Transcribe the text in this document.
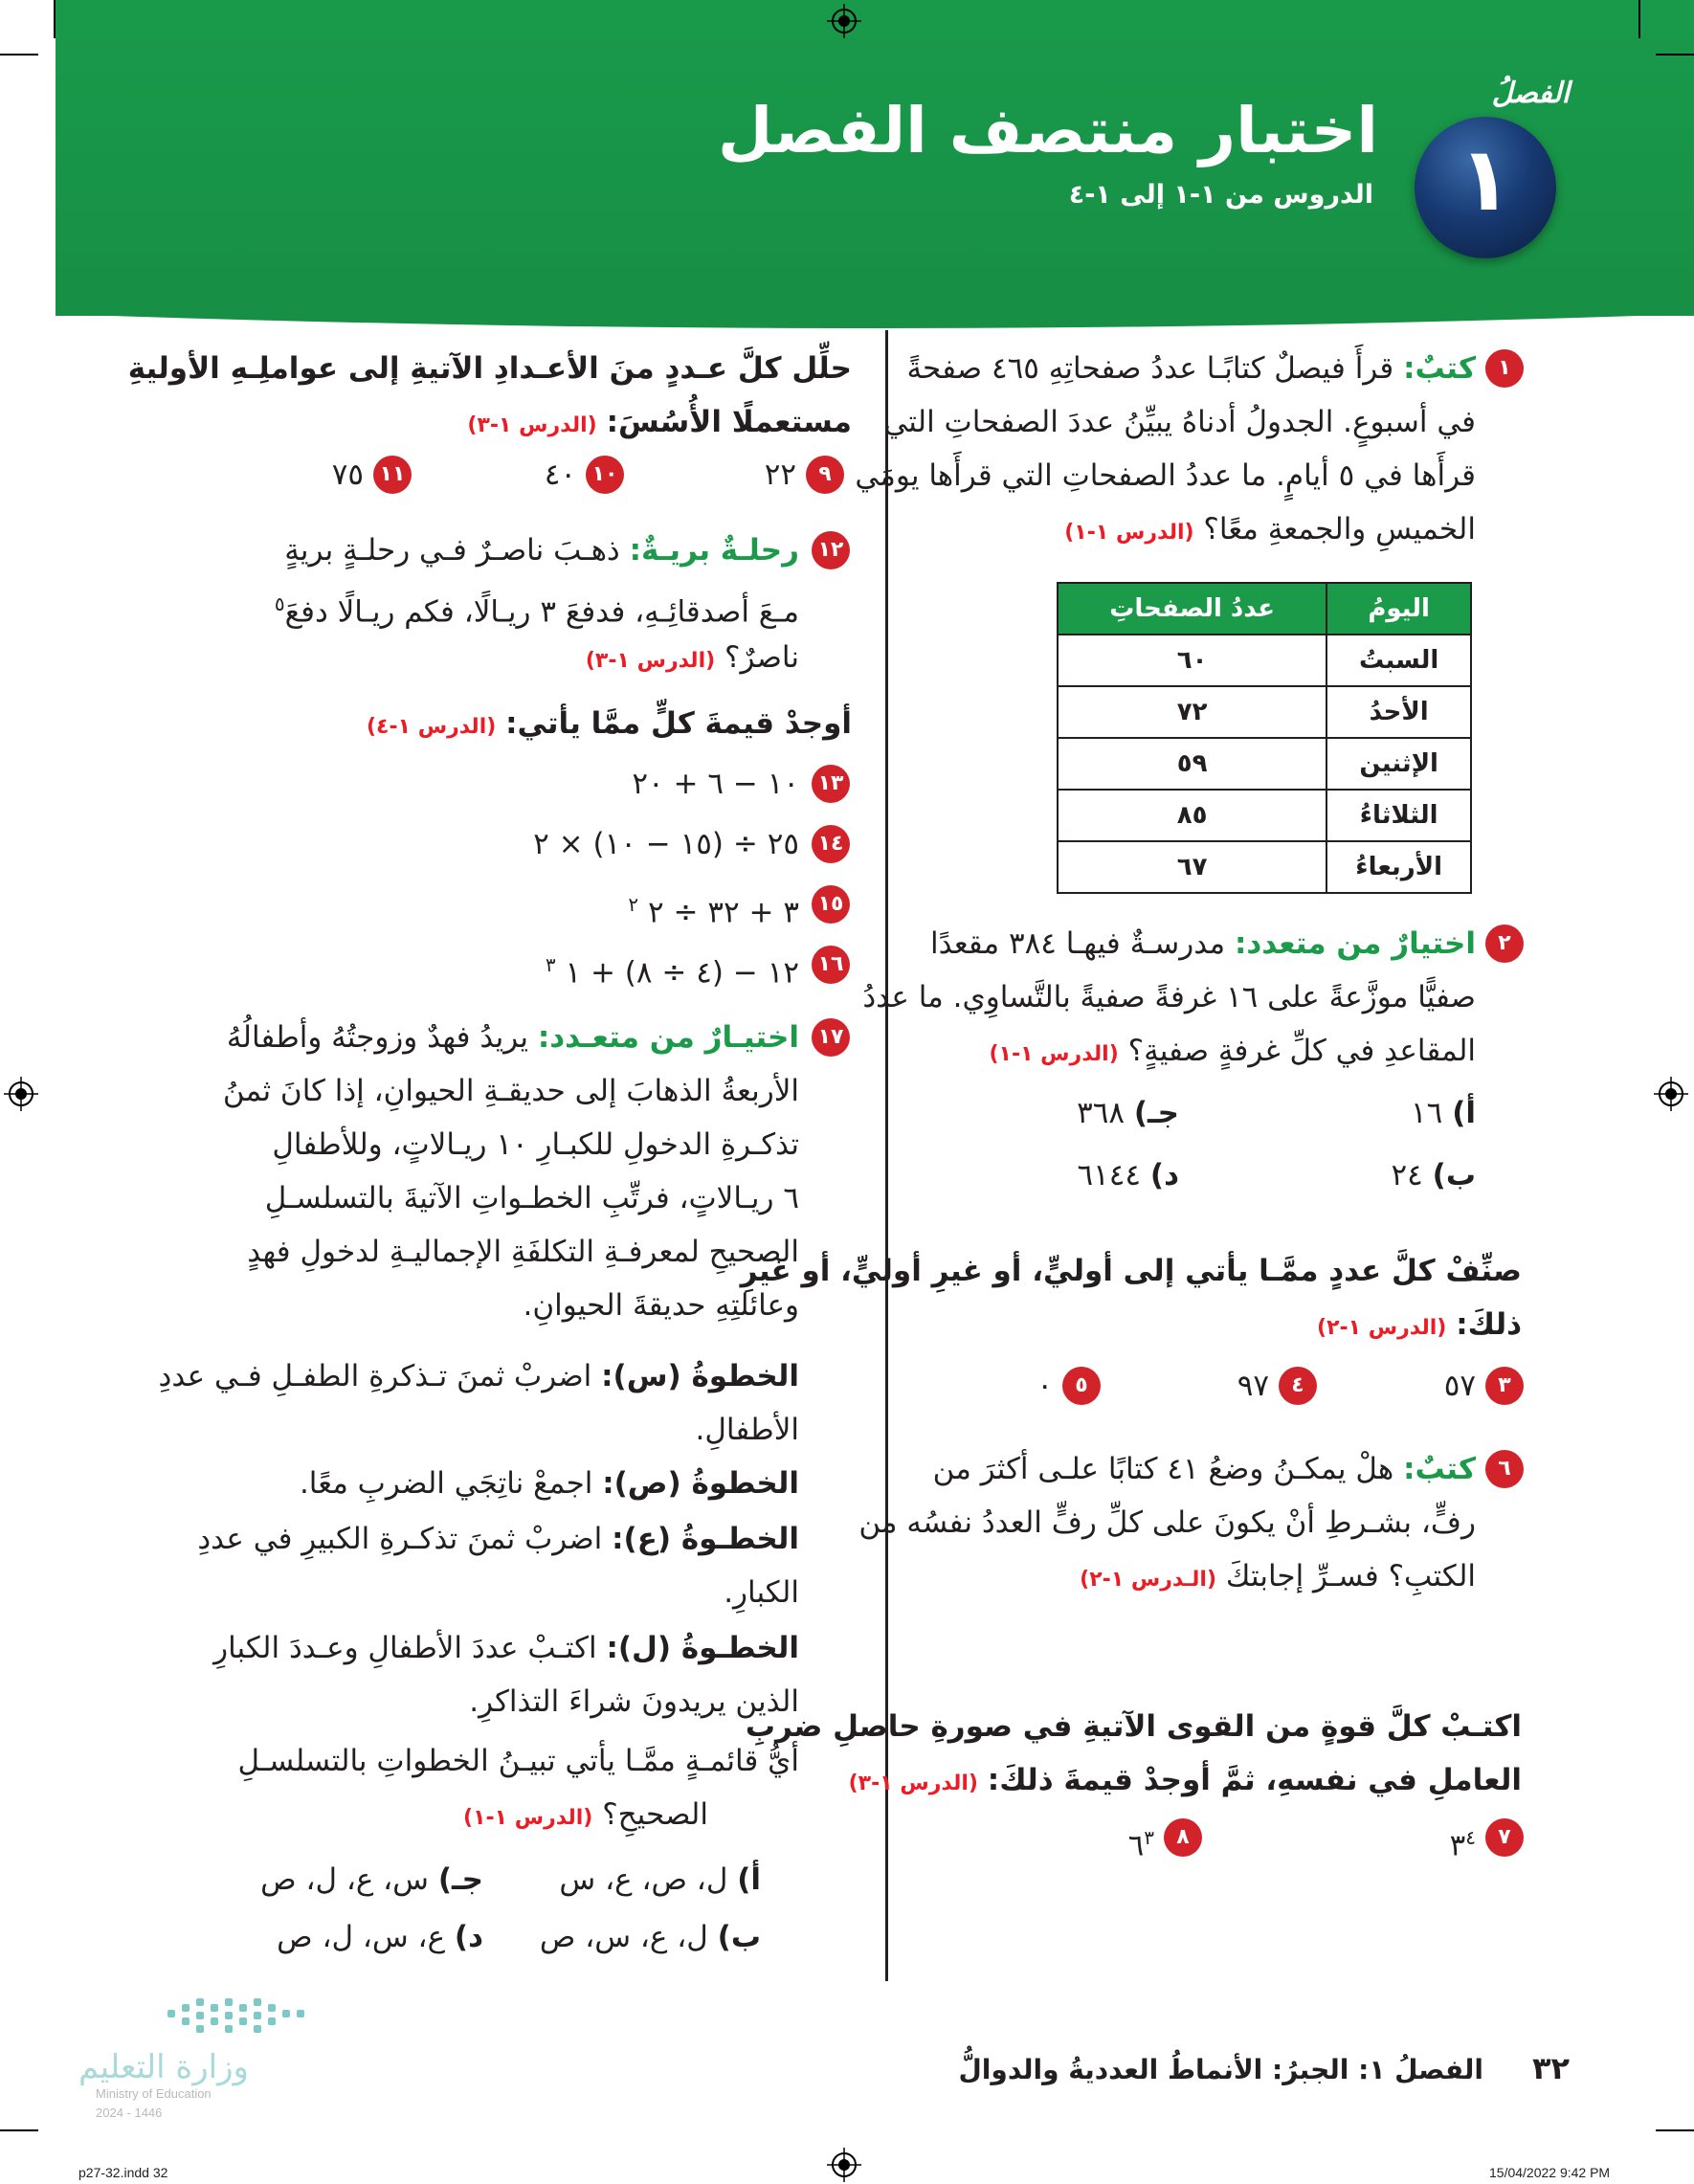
اختبار منتصف الفصل
الدروس من ١-١ إلى ١-٤
الفصلُ
١
١
كتبٌ: قرأَ فيصلٌ كتابًـا عددُ صفحاتِهِ ٤٦٥ صفحةً
في أسبوعٍ. الجدولُ أدناهُ يبيِّنُ عددَ الصفحاتِ التي
قرأَها في ٥ أيامٍ. ما عددُ الصفحاتِ التي قرأَها يومَي
الخميسِ والجمعةِ معًا؟ (الدرس ١-١)
اليومُ	عددُ الصفحاتِ
السبتُ	٦٠
الأحدُ	٧٢
الإثنين	٥٩
الثلاثاءُ	٨٥
الأربعاءُ	٦٧
٢
اختيارٌ من متعدد: مدرسـةٌ فيهـا ٣٨٤ مقعدًا
صفيًّا موزَّعةً على ١٦ غرفةً صفيةً بالتَّساوِي. ما عددُ
المقاعدِ في كلِّ غرفةٍ صفيةٍ؟ (الدرس ١-١)
أ) ١٦
ب) ٢٤
جـ) ٣٦٨
د) ٦١٤٤
صنِّفْ كلَّ عددٍ ممَّـا يأتي إلى أوليٍّ، أو غيرِ أوليٍّ، أو غيرِ
ذلكَ: (الدرس ١-٢)
٣
٥٧
٤
٩٧
٥
٠
٦
كتبٌ: هلْ يمكـنُ وضعُ ٤١ كتابًا علـى أكثرَ من
رفٍّ، بشـرطِ أنْ يكونَ على كلِّ رفٍّ العددُ نفسُه من
الكتبِ؟ فسـرِّ إجابتكَ (الـدرس ١-٢)
اكتـبْ كلَّ قوةٍ من القوى الآتيةِ في صورةِ حاصلِ ضربِ
العاملِ في نفسهِ، ثمَّ أوجدْ قيمةَ ذلكَ: (الدرس ١-٣)
٧
$٣^٤$
٨
$٦^٣$
حلِّل كلَّ عـددٍ منَ الأعـدادِ الآتيةِ إلى عواملِـهِ الأوليةِ
مستعملًا الأُسُسَ: (الدرس ١-٣)
٩
٢٢
١٠
٤٠
١١
٧٥
١٢
رحلـةٌ بريـةٌ: ذهـبَ ناصـرٌ فـي رحلـةٍ بريةٍ
مـعَ أصدقائِـهِ، فدفعَ ٣ ريـالًا، فكم ريـالًا دفعَ$^٥$
ناصرٌ؟ (الدرس ١-٣)
أوجدْ قيمةَ كلٍّ ممَّا يأتي: (الدرس ١-٤)
١٣
١٠ − ٦ + ٢٠
١٤
٢٥ ÷ (١٥ − ١٠) × ٢
١٥
٣ + ٣٢ ÷ ٢ $^٢$
١٦
١٢ − (٤ ÷ ٨) + ١ $^٣$
١٧
اختيـارٌ من متعـدد: يريدُ فهدٌ وزوجتُهُ وأطفالُهُ
الأربعةُ الذهابَ إلى حديقـةِ الحيوانِ، إذا كانَ ثمنُ
تذكـرةِ الدخولِ للكبـارِ ١٠ ريـالاتٍ، وللأطفالِ
٦ ريـالاتٍ، فرتِّبِ الخطـواتِ الآتيةَ بالتسلسـلِ
الصحيحِ لمعرفـةِ التكلفَةِ الإجماليـةِ لدخولِ فهدٍ
وعائلتِهِ حديقةَ الحيوانِ.
الخطوةُ (س): اضربْ ثمنَ تـذكرةِ الطفـلِ فـي عددِ
الأطفالِ.
الخطوةُ (ص): اجمعْ ناتِجَي الضربِ معًا.
الخطـوةُ (ع): اضربْ ثمنَ تذكـرةِ الكبيرِ في عددِ
الكبارِ.
الخطـوةُ (ل): اكتـبْ عددَ الأطفالِ وعـددَ الكبارِ
الذين يريدونَ شراءَ التذاكرِ.
أيُّ قائمـةٍ ممَّـا يأتي تبيـنُ الخطواتِ بالتسلسـلِ
الصحيحِ؟ (الدرس ١-١)
أ) ل، ص، ع، س
ب) ل، ع، س، ص
جـ) س، ع، ل، ص
د) ع، س، ل، ص
٣٢
الفصلُ ١: الجبرُ: الأنماطُ العدديةُ والدوالُّ
وزارة التعليم
Ministry of Education
2024 - 1446
p27-32.indd 32	15/04/2022 9:42 PM
